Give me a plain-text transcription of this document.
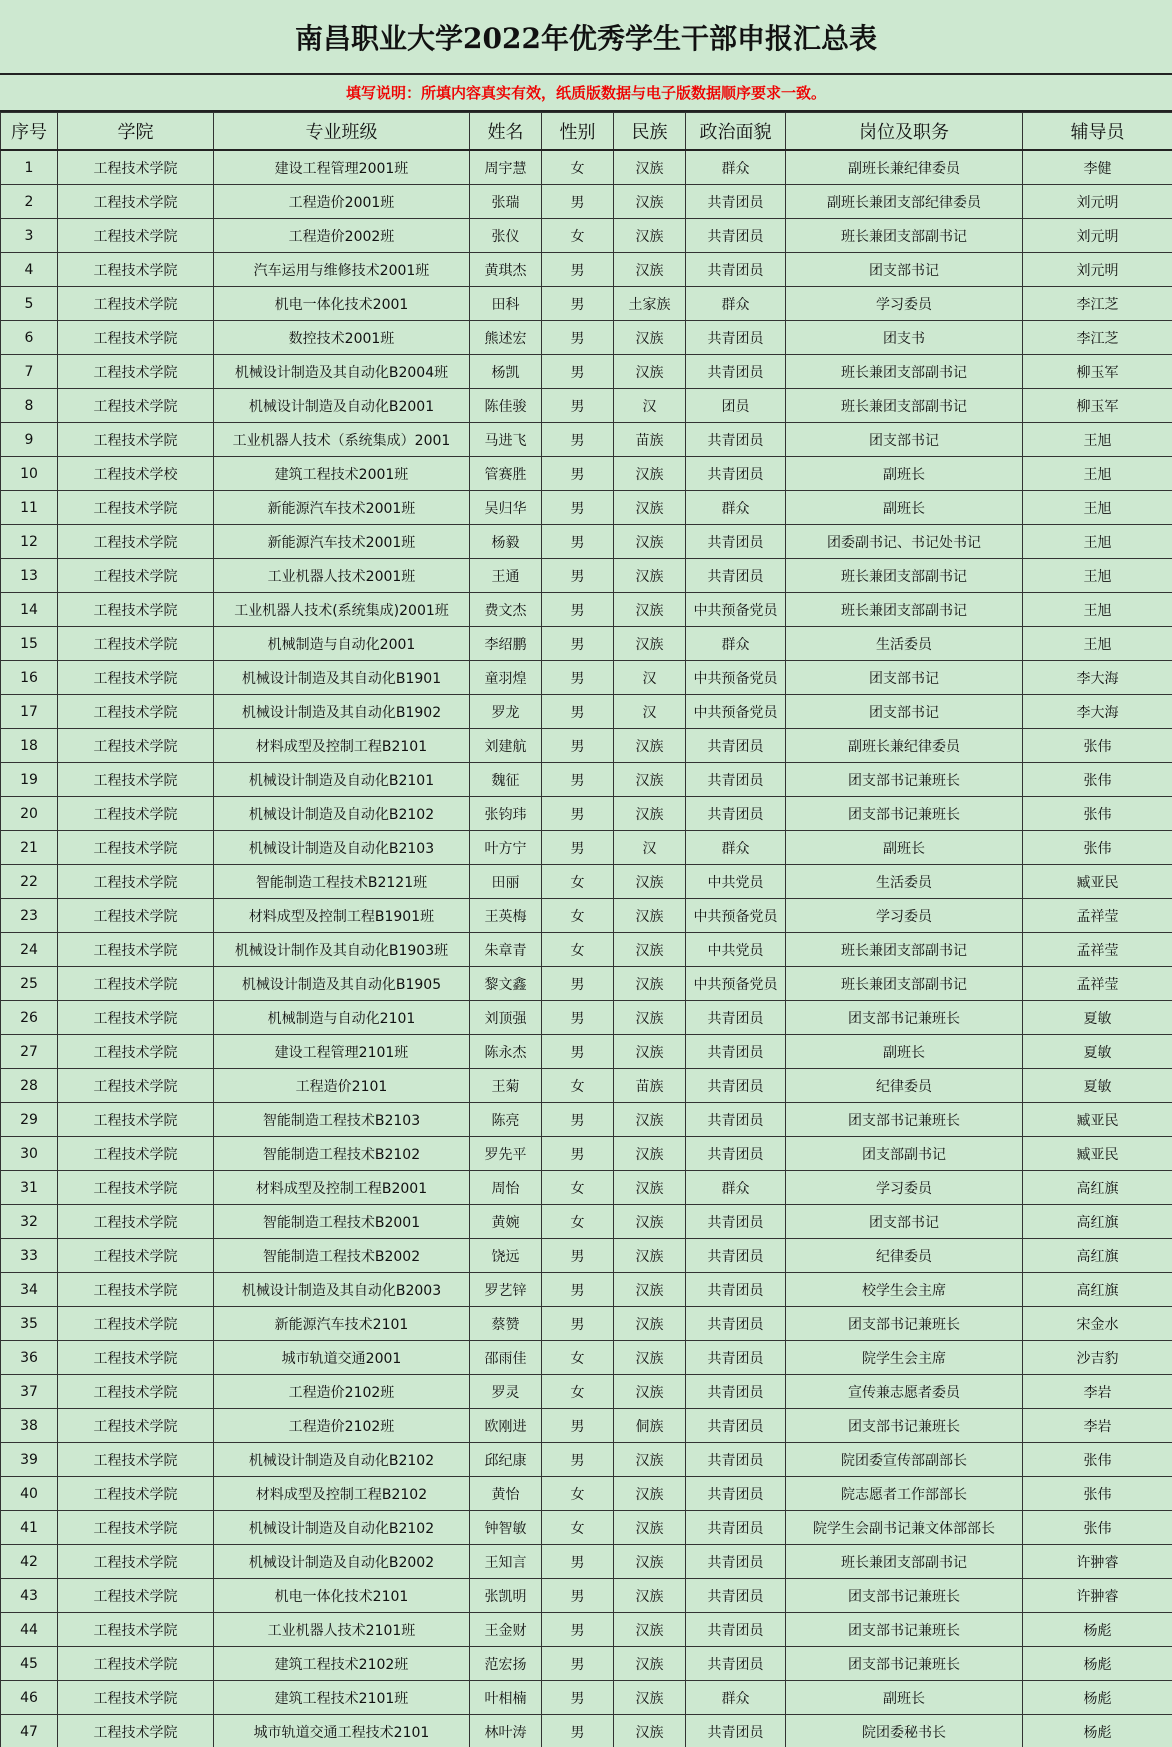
南昌职业大学2022年优秀学生干部申报汇总表
填写说明：所填内容真实有效，纸质版数据与电子版数据顺序要求一致。
序号	学院	专业班级	姓名	性别	民族	政治面貌	岗位及职务	辅导员
1	工程技术学院	建设工程管理2001班	周宇慧	女	汉族	群众	副班长兼纪律委员	李健
2	工程技术学院	工程造价2001班	张瑞	男	汉族	共青团员	副班长兼团支部纪律委员	刘元明
3	工程技术学院	工程造价2002班	张仪	女	汉族	共青团员	班长兼团支部副书记	刘元明
4	工程技术学院	汽车运用与维修技术2001班	黄琪杰	男	汉族	共青团员	团支部书记	刘元明
5	工程技术学院	机电一体化技术2001	田科	男	土家族	群众	学习委员	李江芝
6	工程技术学院	数控技术2001班	熊述宏	男	汉族	共青团员	团支书	李江芝
7	工程技术学院	机械设计制造及其自动化B2004班	杨凯	男	汉族	共青团员	班长兼团支部副书记	柳玉军
8	工程技术学院	机械设计制造及自动化B2001	陈佳骏	男	汉	团员	班长兼团支部副书记	柳玉军
9	工程技术学院	工业机器人技术（系统集成）2001	马进飞	男	苗族	共青团员	团支部书记	王旭
10	工程技术学校	建筑工程技术2001班	管赛胜	男	汉族	共青团员	副班长	王旭
11	工程技术学院	新能源汽车技术2001班	吴归华	男	汉族	群众	副班长	王旭
12	工程技术学院	新能源汽车技术2001班	杨毅	男	汉族	共青团员	团委副书记、书记处书记	王旭
13	工程技术学院	工业机器人技术2001班	王通	男	汉族	共青团员	班长兼团支部副书记	王旭
14	工程技术学院	工业机器人技术(系统集成)2001班	费文杰	男	汉族	中共预备党员	班长兼团支部副书记	王旭
15	工程技术学院	机械制造与自动化2001	李绍鹏	男	汉族	群众	生活委员	王旭
16	工程技术学院	机械设计制造及其自动化B1901	童羽煌	男	汉	中共预备党员	团支部书记	李大海
17	工程技术学院	机械设计制造及其自动化B1902	罗龙	男	汉	中共预备党员	团支部书记	李大海
18	工程技术学院	材料成型及控制工程B2101	刘建航	男	汉族	共青团员	副班长兼纪律委员	张伟
19	工程技术学院	机械设计制造及自动化B2101	魏征	男	汉族	共青团员	团支部书记兼班长	张伟
20	工程技术学院	机械设计制造及自动化B2102	张钧玮	男	汉族	共青团员	团支部书记兼班长	张伟
21	工程技术学院	机械设计制造及自动化B2103	叶方宁	男	汉	群众	副班长	张伟
22	工程技术学院	智能制造工程技术B2121班	田丽	女	汉族	中共党员	生活委员	臧亚民
23	工程技术学院	材料成型及控制工程B1901班	王英梅	女	汉族	中共预备党员	学习委员	孟祥莹
24	工程技术学院	机械设计制作及其自动化B1903班	朱章青	女	汉族	中共党员	班长兼团支部副书记	孟祥莹
25	工程技术学院	机械设计制造及其自动化B1905	黎文鑫	男	汉族	中共预备党员	班长兼团支部副书记	孟祥莹
26	工程技术学院	机械制造与自动化2101	刘顶强	男	汉族	共青团员	团支部书记兼班长	夏敏
27	工程技术学院	建设工程管理2101班	陈永杰	男	汉族	共青团员	副班长	夏敏
28	工程技术学院	工程造价2101	王菊	女	苗族	共青团员	纪律委员	夏敏
29	工程技术学院	智能制造工程技术B2103	陈亮	男	汉族	共青团员	团支部书记兼班长	臧亚民
30	工程技术学院	智能制造工程技术B2102	罗先平	男	汉族	共青团员	团支部副书记	臧亚民
31	工程技术学院	材料成型及控制工程B2001	周怡	女	汉族	群众	学习委员	高红旗
32	工程技术学院	智能制造工程技术B2001	黄婉	女	汉族	共青团员	团支部书记	高红旗
33	工程技术学院	智能制造工程技术B2002	饶远	男	汉族	共青团员	纪律委员	高红旗
34	工程技术学院	机械设计制造及其自动化B2003	罗艺锌	男	汉族	共青团员	校学生会主席	高红旗
35	工程技术学院	新能源汽车技术2101	蔡赞	男	汉族	共青团员	团支部书记兼班长	宋金水
36	工程技术学院	城市轨道交通2001	邵雨佳	女	汉族	共青团员	院学生会主席	沙吉豹
37	工程技术学院	工程造价2102班	罗灵	女	汉族	共青团员	宣传兼志愿者委员	李岩
38	工程技术学院	工程造价2102班	欧刚进	男	侗族	共青团员	团支部书记兼班长	李岩
39	工程技术学院	机械设计制造及自动化B2102	邱纪康	男	汉族	共青团员	院团委宣传部副部长	张伟
40	工程技术学院	材料成型及控制工程B2102	黄怡	女	汉族	共青团员	院志愿者工作部部长	张伟
41	工程技术学院	机械设计制造及自动化B2102	钟智敏	女	汉族	共青团员	院学生会副书记兼文体部部长	张伟
42	工程技术学院	机械设计制造及自动化B2002	王知言	男	汉族	共青团员	班长兼团支部副书记	许翀睿
43	工程技术学院	机电一体化技术2101	张凯明	男	汉族	共青团员	团支部书记兼班长	许翀睿
44	工程技术学院	工业机器人技术2101班	王金财	男	汉族	共青团员	团支部书记兼班长	杨彪
45	工程技术学院	建筑工程技术2102班	范宏扬	男	汉族	共青团员	团支部书记兼班长	杨彪
46	工程技术学院	建筑工程技术2101班	叶相楠	男	汉族	群众	副班长	杨彪
47	工程技术学院	城市轨道交通工程技术2101	林叶涛	男	汉族	共青团员	院团委秘书长	杨彪
